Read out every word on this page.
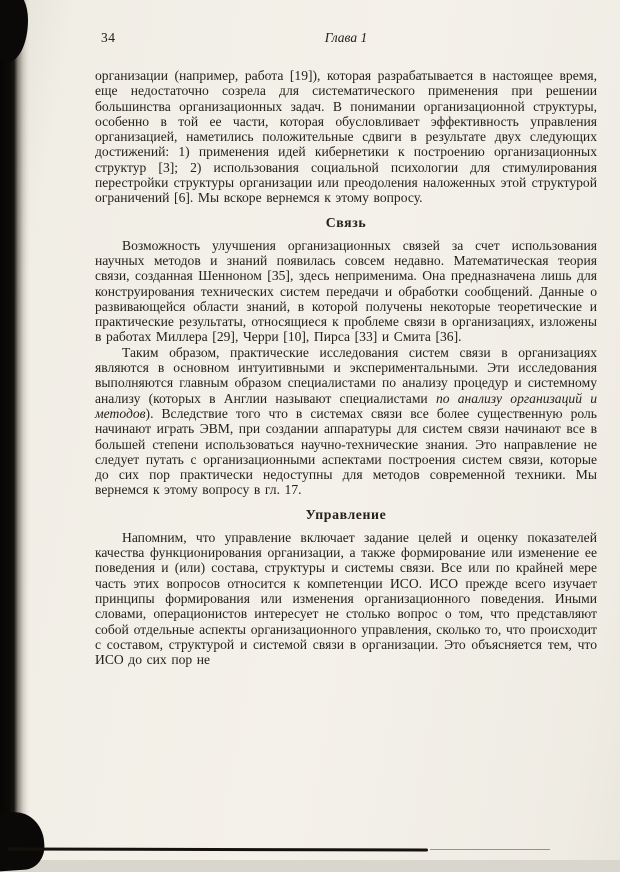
34	Глава 1

организации (например, работа [19]), которая разрабатывается в настоящее время, еще недостаточно созрела для систематического применения при решении большинства организационных задач. В понимании организационной структуры, особенно в той ее части, которая обусловливает эффективность управления организацией, наметились положительные сдвиги в результате двух следующих достижений: 1) применения идей кибернетики к построению организационных структур [3]; 2) использования социальной психологии для стимулирования перестройки структуры организации или преодоления наложенных этой структурой ограничений [6]. Мы вскоре вернемся к этому вопросу.

Связь

Возможность улучшения организационных связей за счет использования научных методов и знаний появилась совсем недавно. Математическая теория связи, созданная Шенноном [35], здесь неприменима. Она предназначена лишь для конструирования технических систем передачи и обработки сообщений. Данные о развивающейся области знаний, в которой получены некоторые теоретические и практические результаты, относящиеся к проблеме связи в организациях, изложены в работах Миллера [29], Черри [10], Пирса [33] и Смита [36].

Таким образом, практические исследования систем связи в организациях являются в основном интуитивными и экспериментальными. Эти исследования выполняются главным образом специалистами по анализу процедур и системному анализу (которых в Англии называют специалистами по анализу организаций и методов). Вследствие того что в системах связи все более существенную роль начинают играть ЭВМ, при создании аппаратуры для систем связи начинают все в большей степени использоваться научно-технические знания. Это направление не следует путать с организационными аспектами построения систем связи, которые до сих пор практически недоступны для методов современной техники. Мы вернемся к этому вопросу в гл. 17.

Управление

Напомним, что управление включает задание целей и оценку показателей качества функционирования организации, а также формирование или изменение ее поведения и (или) состава, структуры и системы связи. Все или по крайней мере часть этих вопросов относится к компетенции ИСО. ИСО прежде всего изучает принципы формирования или изменения организационного поведения. Иными словами, операционистов интересует не столько вопрос о том, что представляют собой отдельные аспекты организационного управления, сколько то, что происходит с составом, структурой и системой связи в организации. Это объясняется тем, что ИСО до сих пор не
